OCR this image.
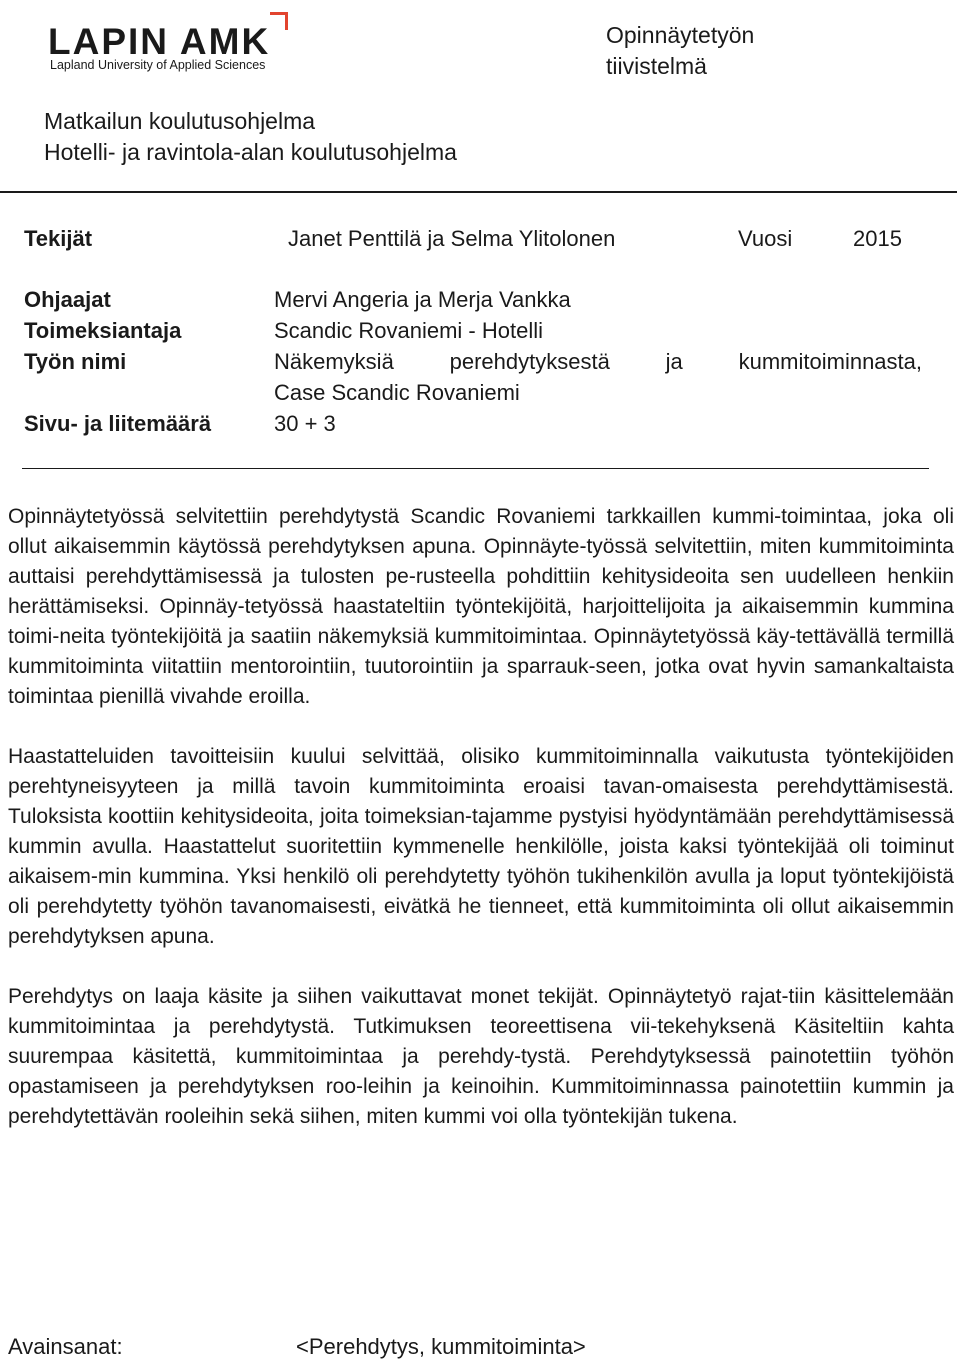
LAPIN AMK
Lapland University of Applied Sciences
Opinnäytetyön
tiivistelmä
Matkailun koulutusohjelma
Hotelli- ja ravintola-alan koulutusohjelma
Tekijät	Janet Penttilä ja Selma Ylitolonen	Vuosi	2015
Ohjaajat	Mervi Angeria ja Merja Vankka
Toimeksiantaja	Scandic Rovaniemi - Hotelli
Työn nimi	Näkemyksiä perehdytyksestä ja kummitoiminnasta,
Case Scandic Rovaniemi
Sivu- ja liitemäärä	30 + 3

Opinnäytetyössä selvitettiin perehdytystä Scandic Rovaniemi tarkkaillen kummi-toimintaa, joka oli ollut aikaisemmin käytössä perehdytyksen apuna. Opinnäyte-työssä selvitettiin, miten kummitoiminta auttaisi perehdyttämisessä ja tulosten pe-rusteella pohdittiin kehitysideoita sen uudelleen henkiin herättämiseksi. Opinnäy-tetyössä haastateltiin työntekijöitä, harjoittelijoita ja aikaisemmin kummina toimi-neita työntekijöitä ja saatiin näkemyksiä kummitoimintaa. Opinnäytetyössä käy-tettävällä termillä kummitoiminta viitattiin mentorointiin, tuutorointiin ja sparrauk-seen, jotka ovat hyvin samankaltaista toimintaa pienillä vivahde eroilla.

Haastatteluiden tavoitteisiin kuului selvittää, olisiko kummitoiminnalla vaikutusta työntekijöiden perehtyneisyyteen ja millä tavoin kummitoiminta eroaisi tavan-omaisesta perehdyttämisestä. Tuloksista koottiin kehitysideoita, joita toimeksian-tajamme pystyisi hyödyntämään perehdyttämisessä kummin avulla. Haastattelut suoritettiin kymmenelle henkilölle, joista kaksi työntekijää oli toiminut aikaisem-min kummina. Yksi henkilö oli perehdytetty työhön tukihenkilön avulla ja loput työntekijöistä oli perehdytetty työhön tavanomaisesti, eivätkä he tienneet, että kummitoiminta oli ollut aikaisemmin perehdytyksen apuna.

Perehdytys on laaja käsite ja siihen vaikuttavat monet tekijät. Opinnäytetyö rajat-tiin käsittelemään kummitoimintaa ja perehdytystä. Tutkimuksen teoreettisena vii-tekehyksenä Käsiteltiin kahta suurempaa käsitettä, kummitoimintaa ja perehdy-tystä. Perehdytyksessä painotettiin työhön opastamiseen ja perehdytyksen roo-leihin ja keinoihin. Kummitoiminnassa painotettiin kummin ja perehdytettävän rooleihin sekä siihen, miten kummi voi olla työntekijän tukena.

Avainsanat:	<Perehdytys, kummitoiminta>
